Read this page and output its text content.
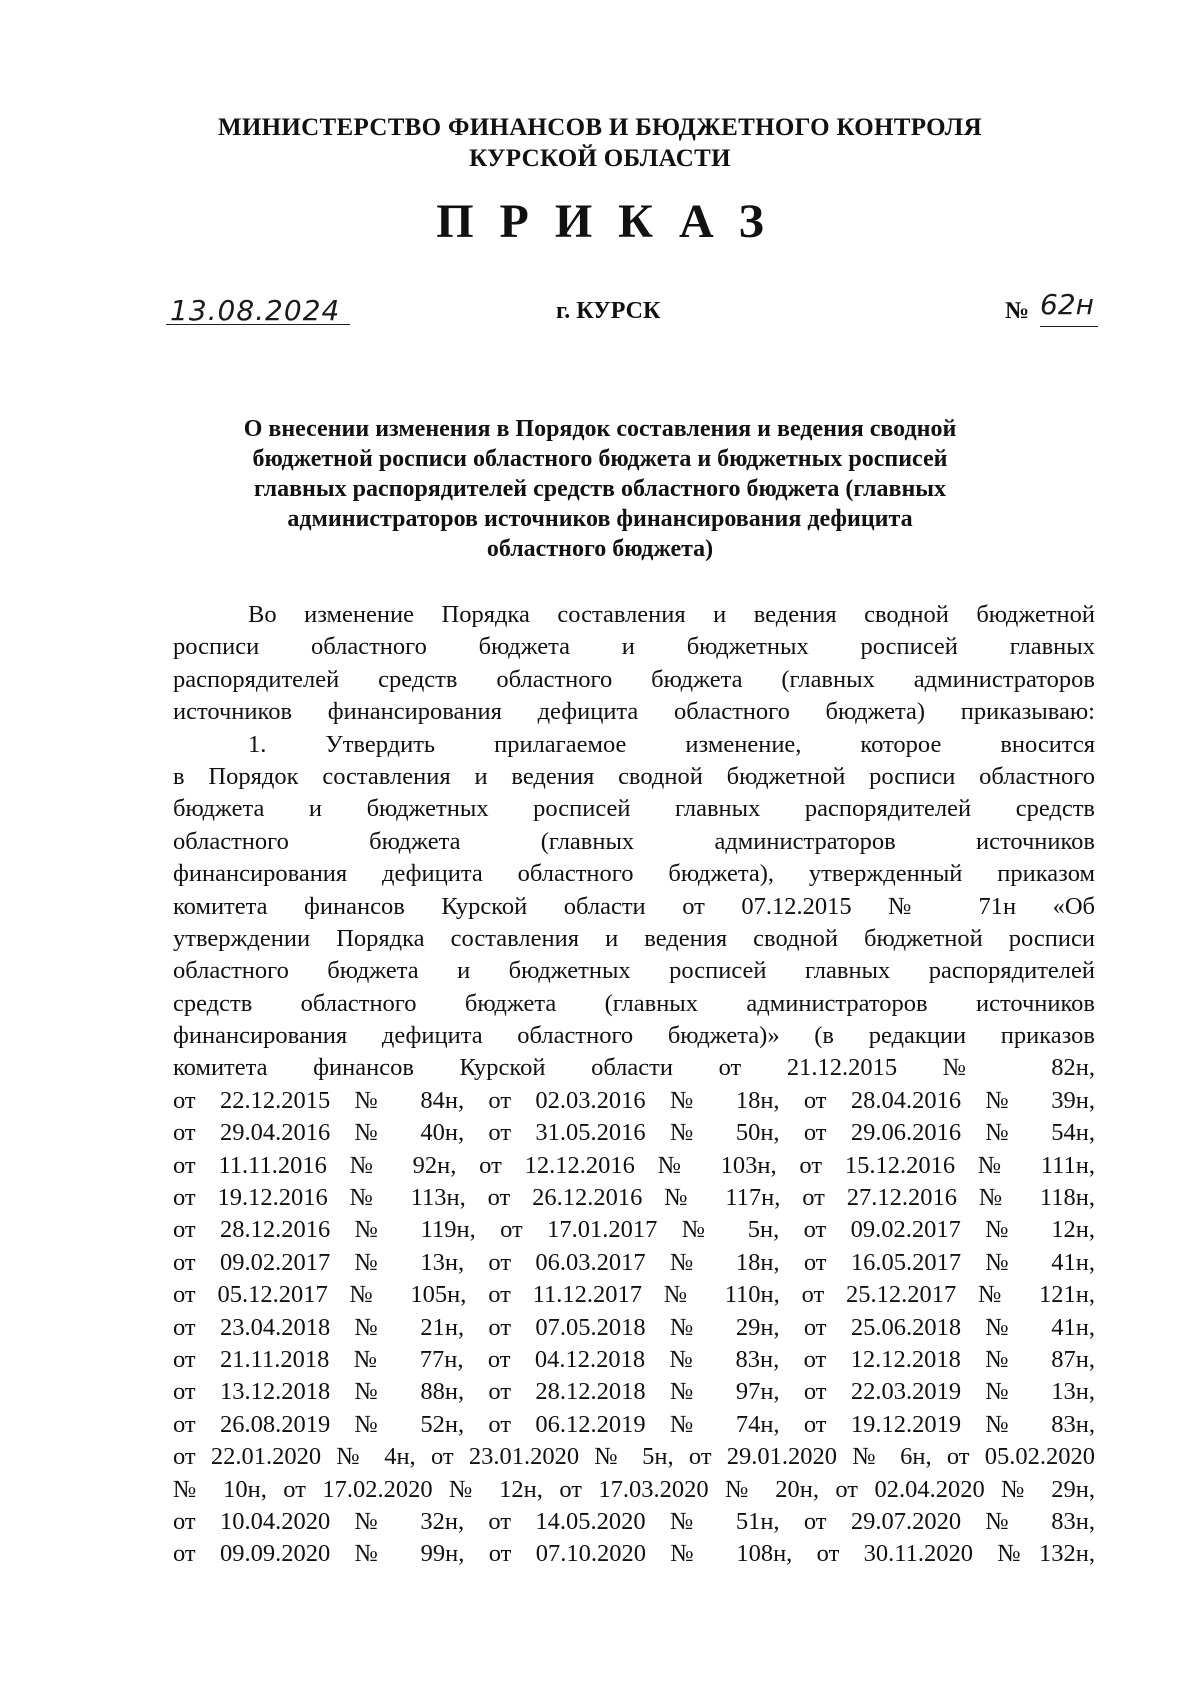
МИНИСТЕРСТВО ФИНАНСОВ И БЮДЖЕТНОГО КОНТРОЛЯ
КУРСКОЙ ОБЛАСТИ
ПРИКАЗ
13.08.2024	г. КУРСК	№ 62н
О внесении изменения в Порядок составления и ведения сводной
бюджетной росписи областного бюджета и бюджетных росписей
главных распорядителей средств областного бюджета (главных
администраторов источников финансирования дефицита
областного бюджета)
Во изменение Порядка составления и ведения сводной бюджетной
росписи областного бюджета и бюджетных росписей главных
распорядителей средств областного бюджета (главных администраторов
источников финансирования дефицита областного бюджета) приказываю:
1. Утвердить прилагаемое изменение, которое вносится
в Порядок составления и ведения сводной бюджетной росписи областного
бюджета и бюджетных росписей главных распорядителей средств
областного бюджета (главных администраторов источников
финансирования дефицита областного бюджета), утвержденный приказом
комитета финансов Курской области от 07.12.2015 № 71н «Об
утверждении Порядка составления и ведения сводной бюджетной росписи
областного бюджета и бюджетных росписей главных распорядителей
средств областного бюджета (главных администраторов источников
финансирования дефицита областного бюджета)» (в редакции приказов
комитета финансов Курской области от 21.12.2015 № 82н,
от 22.12.2015 № 84н, от 02.03.2016 № 18н, от 28.04.2016 № 39н,
от 29.04.2016 № 40н, от 31.05.2016 № 50н, от 29.06.2016 № 54н,
от 11.11.2016 № 92н, от 12.12.2016 № 103н, от 15.12.2016 № 111н,
от 19.12.2016 № 113н, от 26.12.2016 № 117н, от 27.12.2016 № 118н,
от 28.12.2016 № 119н, от 17.01.2017 № 5н, от 09.02.2017 № 12н,
от 09.02.2017 № 13н, от 06.03.2017 № 18н, от 16.05.2017 № 41н,
от 05.12.2017 № 105н, от 11.12.2017 № 110н, от 25.12.2017 № 121н,
от 23.04.2018 № 21н, от 07.05.2018 № 29н, от 25.06.2018 № 41н,
от 21.11.2018 № 77н, от 04.12.2018 № 83н, от 12.12.2018 № 87н,
от 13.12.2018 № 88н, от 28.12.2018 № 97н, от 22.03.2019 № 13н,
от 26.08.2019 № 52н, от 06.12.2019 № 74н, от 19.12.2019 № 83н,
от 22.01.2020 № 4н, от 23.01.2020 № 5н, от 29.01.2020 № 6н, от 05.02.2020
№ 10н, от 17.02.2020 № 12н, от 17.03.2020 № 20н, от 02.04.2020 № 29н,
от 10.04.2020 № 32н, от 14.05.2020 № 51н, от 29.07.2020 № 83н,
от 09.09.2020 № 99н, от 07.10.2020 № 108н, от 30.11.2020 №132н,
